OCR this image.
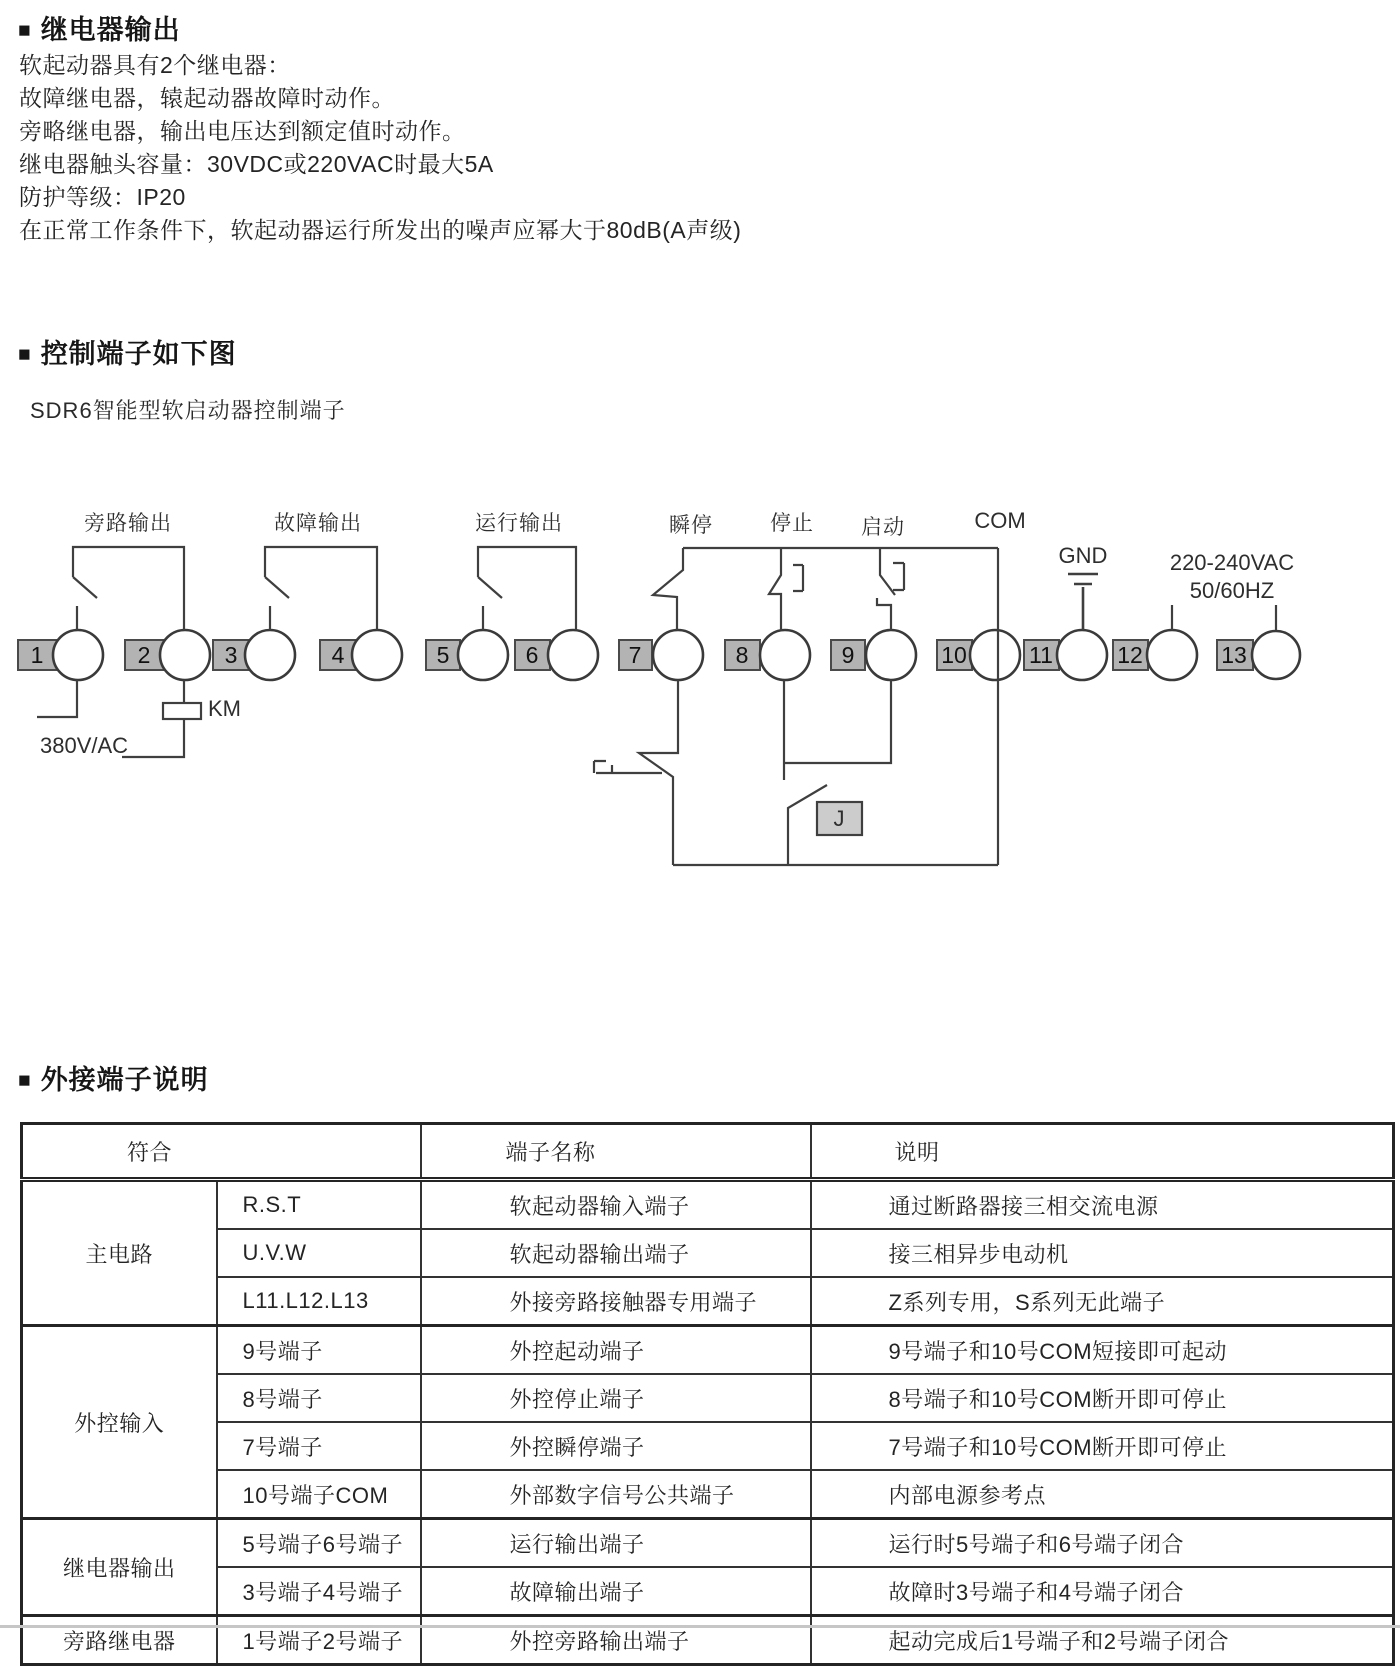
■ 继电器输出
软起动器具有2个继电器：
故障继电器，辕起动器故障时动作。
旁略继电器，输出电压达到额定值时动作。
继电器触头容量：30VDC或220VAC时最大5A
防护等级：IP20
在正常工作条件下，软起动器运行所发出的噪声应幂大于80dB(A声级)
■ 控制端子如下图
SDR6智能型软启动器控制端子
1	2	3	4	5	6	7	8	9	10	11	12	13
旁路输出	故障输出	运行输出	瞬停	停止 启动	COM
GND	220-240VAC
50/60HZ
KM
380V/AC
J
■ 外接端子说明
符合		端子名称	说明
主电路	R.S.T	软起动器输入端子	通过断路器接三相交流电源
	U.V.W	软起动器输出端子	接三相异步电动机
	L11.L12.L13	外接旁路接触器专用端子	Z系列专用，S系列无此端子
外控输入	9号端子	外控起动端子	9号端子和10号COM短接即可起动
	8号端子	外控停止端子	8号端子和10号COM断开即可停止
	7号端子	外控瞬停端子	7号端子和10号COM断开即可停止
	10号端子COM	外部数字信号公共端子	内部电源参考点
继电器输出	5号端子6号端子	运行输出端子	运行时5号端子和6号端子闭合
	3号端子4号端子	故障输出端子	故障时3号端子和4号端子闭合
旁路继电器	1号端子2号端子	外控旁路输出端子	起动完成后1号端子和2号端子闭合
